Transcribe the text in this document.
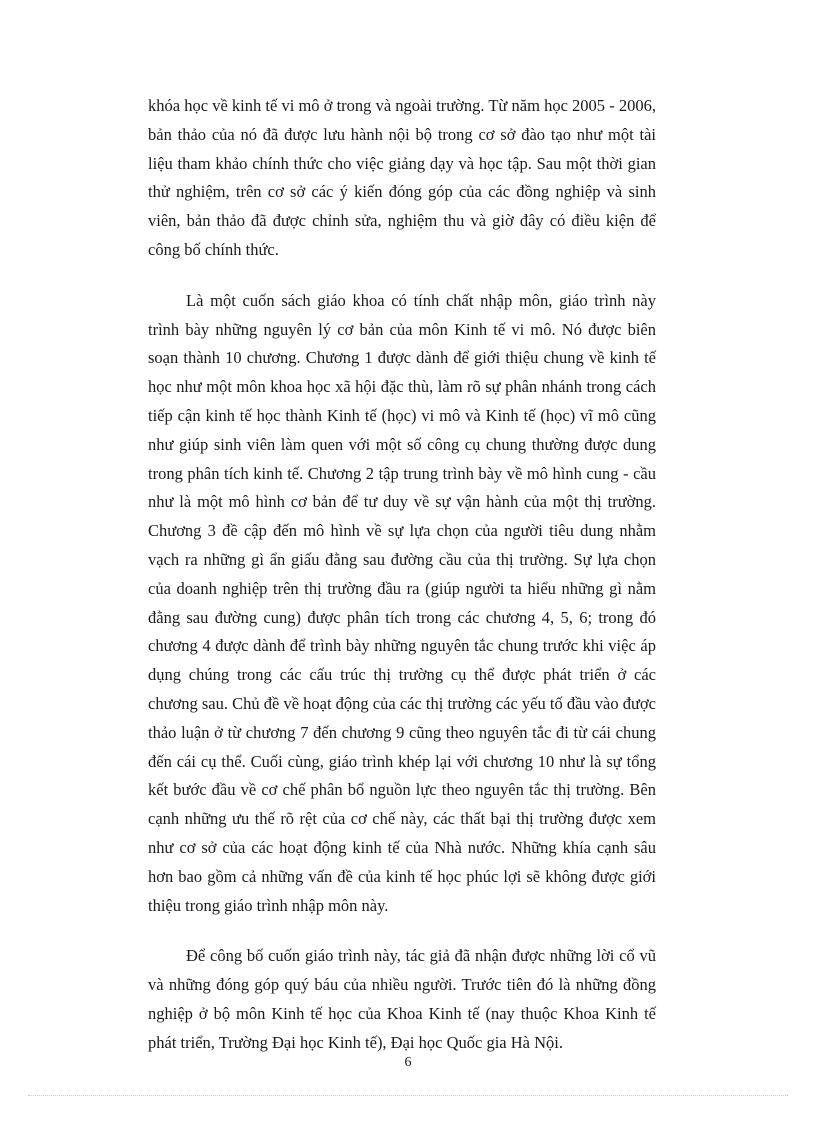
khóa học về kinh tế vi mô ở trong và ngoài trường. Từ năm học 2005 - 2006, bản thảo của nó đã được lưu hành nội bộ trong cơ sở đào tạo như một tài liệu tham khảo chính thức cho việc giảng dạy và học tập. Sau một thời gian thử nghiệm, trên cơ sở các ý kiến đóng góp của các đồng nghiệp và sinh viên, bản thảo đã được chỉnh sửa, nghiệm thu và giờ đây có điều kiện để công bố chính thức.

Là một cuốn sách giáo khoa có tính chất nhập môn, giáo trình này trình bày những nguyên lý cơ bản của môn Kinh tế vi mô. Nó được biên soạn thành 10 chương. Chương 1 được dành để giới thiệu chung về kinh tế học như một môn khoa học xã hội đặc thù, làm rõ sự phân nhánh trong cách tiếp cận kinh tế học thành Kinh tế (học) vi mô và Kinh tế (học) vĩ mô cũng như giúp sinh viên làm quen với một số công cụ chung thường được dung trong phân tích kinh tế. Chương 2 tập trung trình bày về mô hình cung - cầu như là một mô hình cơ bản để tư duy về sự vận hành của một thị trường. Chương 3 đề cập đến mô hình về sự lựa chọn của người tiêu dung nhằm vạch ra những gì ẩn giấu đằng sau đường cầu của thị trường. Sự lựa chọn của doanh nghiệp trên thị trường đầu ra (giúp người ta hiểu những gì nằm đằng sau đường cung) được phân tích trong các chương 4, 5, 6; trong đó chương 4 được dành để trình bày những nguyên tắc chung trước khi việc áp dụng chúng trong các cấu trúc thị trường cụ thể được phát triển ở các chương sau. Chủ đề về hoạt động của các thị trường các yếu tố đầu vào được thảo luận ở từ chương 7 đến chương 9 cũng theo nguyên tắc đi từ cái chung đến cái cụ thể. Cuối cùng, giáo trình khép lại với chương 10 như là sự tổng kết bước đầu về cơ chế phân bổ nguồn lực theo nguyên tắc thị trường. Bên cạnh những ưu thế rõ rệt của cơ chế này, các thất bại thị trường được xem như cơ sở của các hoạt động kinh tế của Nhà nước. Những khía cạnh sâu hơn bao gồm cả những vấn đề của kinh tế học phúc lợi sẽ không được giới thiệu trong giáo trình nhập môn này.

Để công bố cuốn giáo trình này, tác giả đã nhận được những lời cổ vũ và những đóng góp quý báu của nhiều người. Trước tiên đó là những đồng nghiệp ở bộ môn Kinh tế học của Khoa Kinh tế (nay thuộc Khoa Kinh tế phát triển, Trường Đại học Kinh tế), Đại học Quốc gia Hà Nội.

6
